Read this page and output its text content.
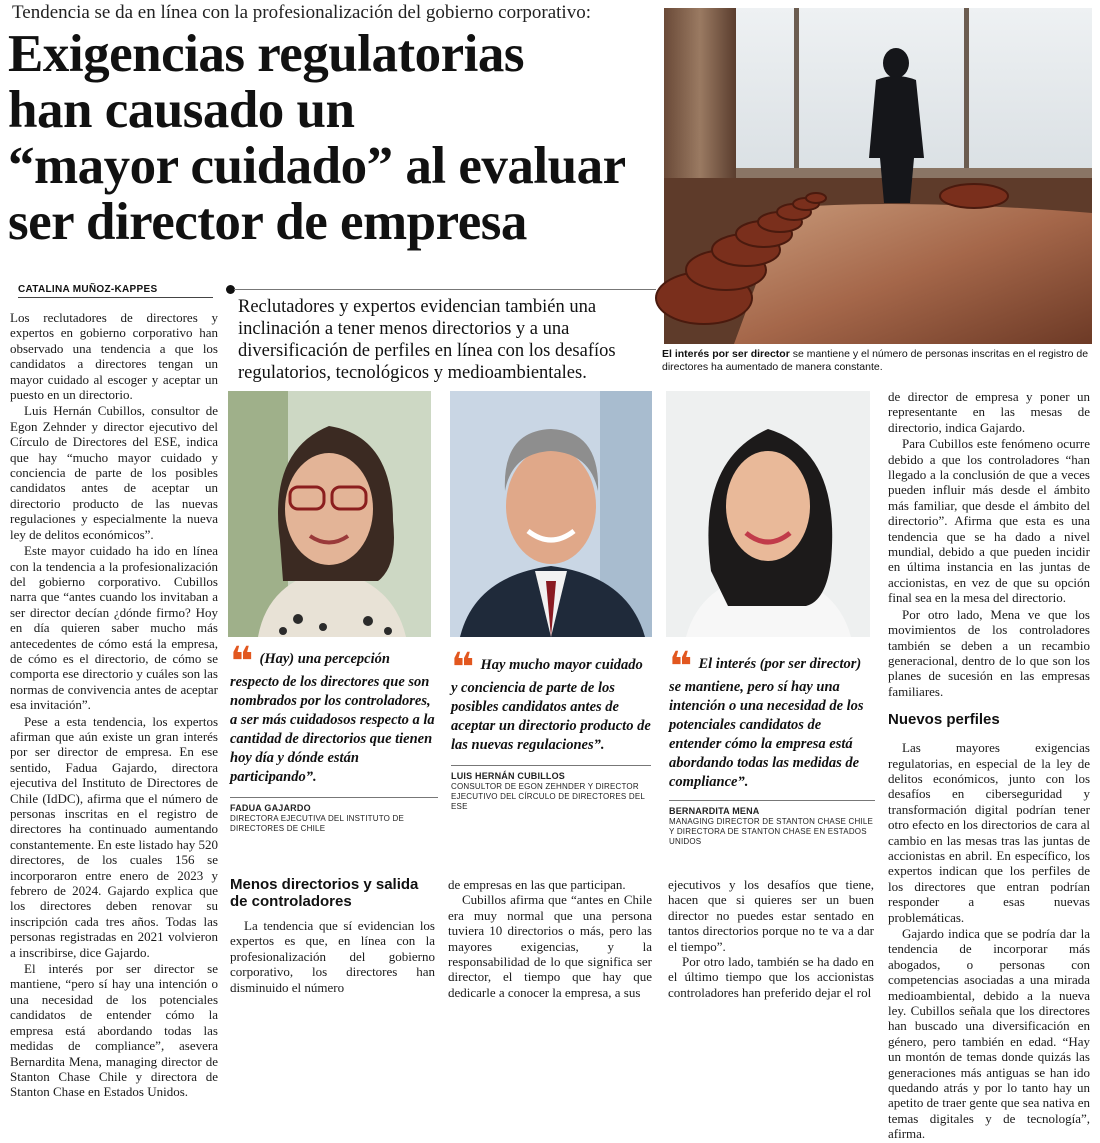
Tendencia se da en línea con la profesionalización del gobierno corporativo:
Exigencias regulatorias
han causado un
“mayor cuidado” al evaluar
ser director de empresa
El interés por ser director se mantiene y el número de personas inscritas en el registro de directores ha aumentado de manera constante.
CATALINA MUÑOZ-KAPPES

Reclutadores y expertos evidencian también una

inclinación a tener menos directorios y a una

diversificación de perfiles en línea con los desafíos

regulatorios, tecnológicos y medioambientales.

Los reclutadores de directores y expertos en gobierno corporativo han observado una tendencia a que los candidatos a directores tengan un mayor cuidado al escoger y aceptar un puesto en un directorio.

Luis Hernán Cubillos, consultor de Egon Zehnder y director ejecutivo del Círculo de Directores del ESE, indica que hay “mucho mayor cuidado y conciencia de parte de los posibles candidatos antes de aceptar un directorio producto de las nuevas regulaciones y especialmente la nueva ley de delitos económicos”.

Este mayor cuidado ha ido en línea con la tendencia a la profesionalización del gobierno corporativo. Cubillos narra que “antes cuando los invitaban a ser director decían ¿dónde firmo? Hoy en día quieren saber mucho más antecedentes de cómo está la empresa, de cómo es el directorio, de cómo se comporta ese directorio y cuáles son las normas de convivencia antes de aceptar esa invitación”.

Pese a esta tendencia, los expertos afirman que aún existe un gran interés por ser director de empresa. En ese sentido, Fadua Gajardo, directora ejecutiva del Instituto de Directores de Chile (IdDC), afirma que el número de personas inscritas en el registro de directores ha continuado aumentando constantemente. En este listado hay 520 directores, de los cuales 156 se incorporaron entre enero de 2023 y febrero de 2024. Gajardo explica que los directores deben renovar su inscripción cada tres años. Todas las personas registradas en 2021 volvieron a inscribirse, dice Gajardo.

El interés por ser director se mantiene, “pero sí hay una intención o una necesidad de los potenciales candidatos de entender cómo la empresa está abordando todas las medidas de compliance”, asevera Bernardita Mena, managing director de Stanton Chase Chile y directora de Stanton Chase en Estados Unidos.

❝ (Hay) una percepción respecto de los directores que son nombrados por los controladores, a ser más cuidadosos respecto a la cantidad de directorios que tienen hoy día y dónde están participando”.
FADUA GAJARDO
DIRECTORA EJECUTIVA DEL INSTITUTO DE DIRECTORES DE CHILE
❝ Hay mucho mayor cuidado y conciencia de parte de los posibles candidatos antes de aceptar un directorio producto de las nuevas regulaciones”.
LUIS HERNÁN CUBILLOS
CONSULTOR DE EGON ZEHNDER Y DIRECTOR EJECUTIVO DEL CÍRCULO DE DIRECTORES DEL ESE
❝ El interés (por ser director) se mantiene, pero sí hay una intención o una necesidad de los potenciales candidatos de entender cómo la empresa está abordando todas las medidas de compliance”.
BERNARDITA MENA
MANAGING DIRECTOR DE STANTON CHASE CHILE Y DIRECTORA DE STANTON CHASE EN ESTADOS UNIDOS
Menos directorios y salida de controladores

La tendencia que sí evidencian los expertos es que, en línea con la profesionalización del gobierno corporativo, los directores han disminuido el número

de empresas en las que participan.

Cubillos afirma que “antes en Chile era muy normal que una persona tuviera 10 directorios o más, pero las mayores exigencias, y la responsabilidad de lo que significa ser director, el tiempo que hay que dedicarle a conocer la empresa, a sus

ejecutivos y los desafíos que tiene, hacen que si quieres ser un buen director no puedes estar sentado en tantos directorios porque no te va a dar el tiempo”.

Por otro lado, también se ha dado en el último tiempo que los accionistas controladores han preferido dejar el rol

de director de empresa y poner un representante en las mesas de directorio, indica Gajardo.

Para Cubillos este fenómeno ocurre debido a que los controladores “han llegado a la conclusión de que a veces pueden influir más desde el ámbito más familiar, que desde el ámbito del directorio”. Afirma que esta es una tendencia que se ha dado a nivel mundial, debido a que pueden incidir en última instancia en las juntas de accionistas, en vez de que su opción final sea en la mesa del directorio.

Por otro lado, Mena ve que los movimientos de los controladores también se deben a un recambio generacional, dentro de lo que son los planes de sucesión en las empresas familiares.

Nuevos perfiles

Las mayores exigencias regulatorias, en especial de la ley de delitos económicos, junto con los desafíos en ciberseguridad y transformación digital podrían tener otro efecto en los directorios de cara al cambio en las mesas tras las juntas de accionistas en abril. En específico, los expertos indican que los perfiles de los directores que entran podrían responder a esas nuevas problemáticas.

Gajardo indica que se podría dar la tendencia de incorporar más abogados, o personas con competencias asociadas a una mirada medioambiental, debido a la nueva ley. Cubillos señala que los directores han buscado una diversificación en género, pero también en edad. “Hay un montón de temas donde quizás las generaciones más antiguas se han ido quedando atrás y por lo tanto hay un apetito de traer gente que sea nativa en temas digitales y de tecnología”, afirma.
